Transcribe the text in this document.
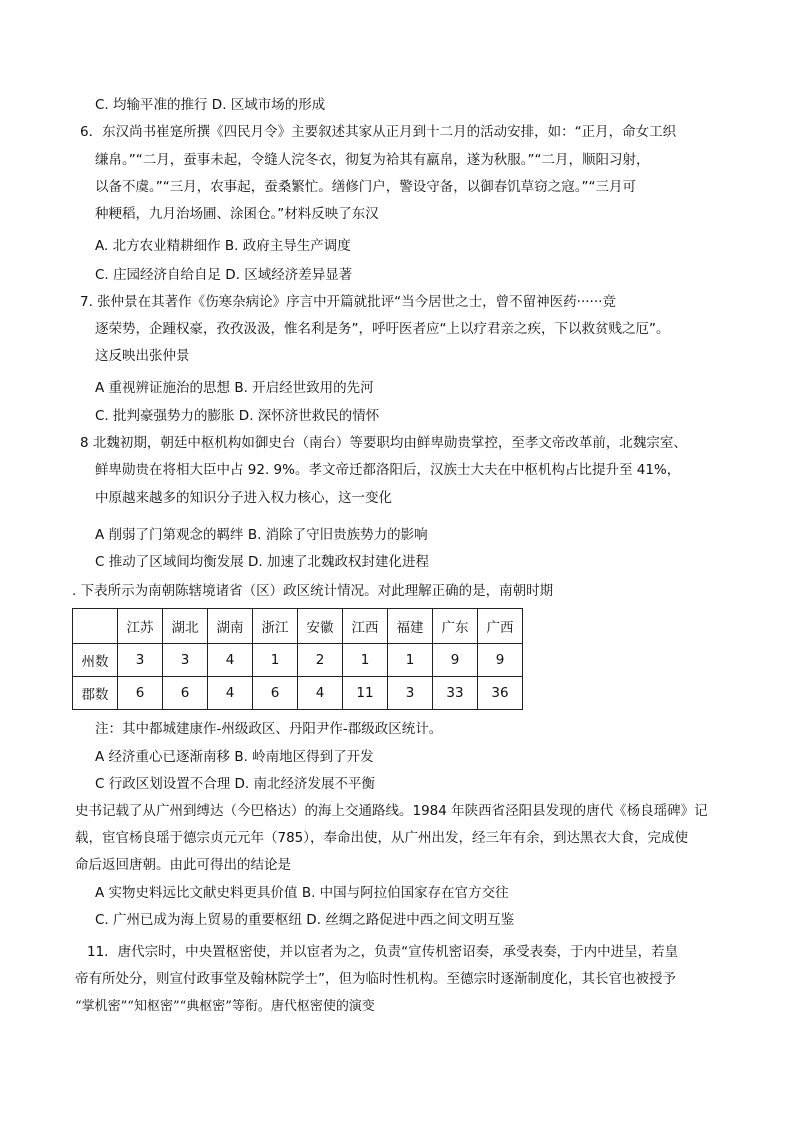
C. 均输平准的推行 D. 区域市场的形成
6．东汉尚书崔寔所撰《四民月令》主要叙述其家从正月到十二月的活动安排，如：“正月，命女工织
缣帛。”“二月，蚕事未起，令缝人浣冬衣，彻复为袷其有羸帛，遂为秋服。”“二月，顺阳习射，
以备不虞。”“三月，农事起，蚕桑繁忙。缮修门户，警设守备，以御春饥草窃之寇。”“三月可
种粳稻，九月治场圃、涂囷仓。”材料反映了东汉
A. 北方农业精耕细作 B. 政府主导生产调度
C. 庄园经济自给自足 D. 区域经济差异显著
7. 张仲景在其著作《伤寒杂病论》序言中开篇就批评“当今居世之士，曾不留神医药······竞
逐荣势，企踵权豪，孜孜汲汲，惟名利是务”，呼吁医者应“上以疗君亲之疾，下以救贫贱之厄”。
这反映出张仲景
A 重视辨证施治的思想 B. 开启经世致用的先河
C. 批判豪强势力的膨胀 D. 深怀济世救民的情怀
8 北魏初期，朝廷中枢机构如御史台（南台）等要职均由鲜卑勋贵掌控，至孝文帝改革前，北魏宗室、
鲜卑勋贵在将相大臣中占 92. 9%。孝文帝迁都洛阳后，汉族士大夫在中枢机构占比提升至 41%，
中原越来越多的知识分子进入权力核心，这一变化
A 削弱了门第观念的羁绊 B. 消除了守旧贵族势力的影响
C 推动了区域间均衡发展 D. 加速了北魏政权封建化进程
. 下表所示为南朝陈辖境诸省（区）政区统计情况。对此理解正确的是，南朝时期
	江苏	湖北	湖南	浙江	安徽	江西	福建	广东	广西
州数	3	3	4	1	2	1	1	9	9
郡数	6	6	4	6	4	11	3	33	36
注：其中都城建康作-州级政区、丹阳尹作-郡级政区统计。
A 经济重心已逐渐南移 B. 岭南地区得到了开发
C 行政区划设置不合理 D. 南北经济发展不平衡
史书记载了从广州到缚达（今巴格达）的海上交通路线。1984 年陕西省泾阳县发现的唐代《杨良瑶碑》记
载，宦官杨良瑶于德宗贞元元年（785），奉命出使，从广州出发，经三年有余，到达黑衣大食，完成使
命后返回唐朝。由此可得出的结论是
A 实物史料远比文献史料更具价值 B. 中国与阿拉伯国家存在官方交往
C. 广州已成为海上贸易的重要枢纽 D. 丝绸之路促进中西之间文明互鉴
11．唐代宗时，中央置枢密使，并以宦者为之，负责“宣传机密诏奏，承受表奏，于内中进呈，若皇
帝有所处分，则宣付政事堂及翰林院学士”，但为临时性机构。至德宗时逐渐制度化，其长官也被授予
“掌机密”“知枢密”“典枢密”等衔。唐代枢密使的演变
